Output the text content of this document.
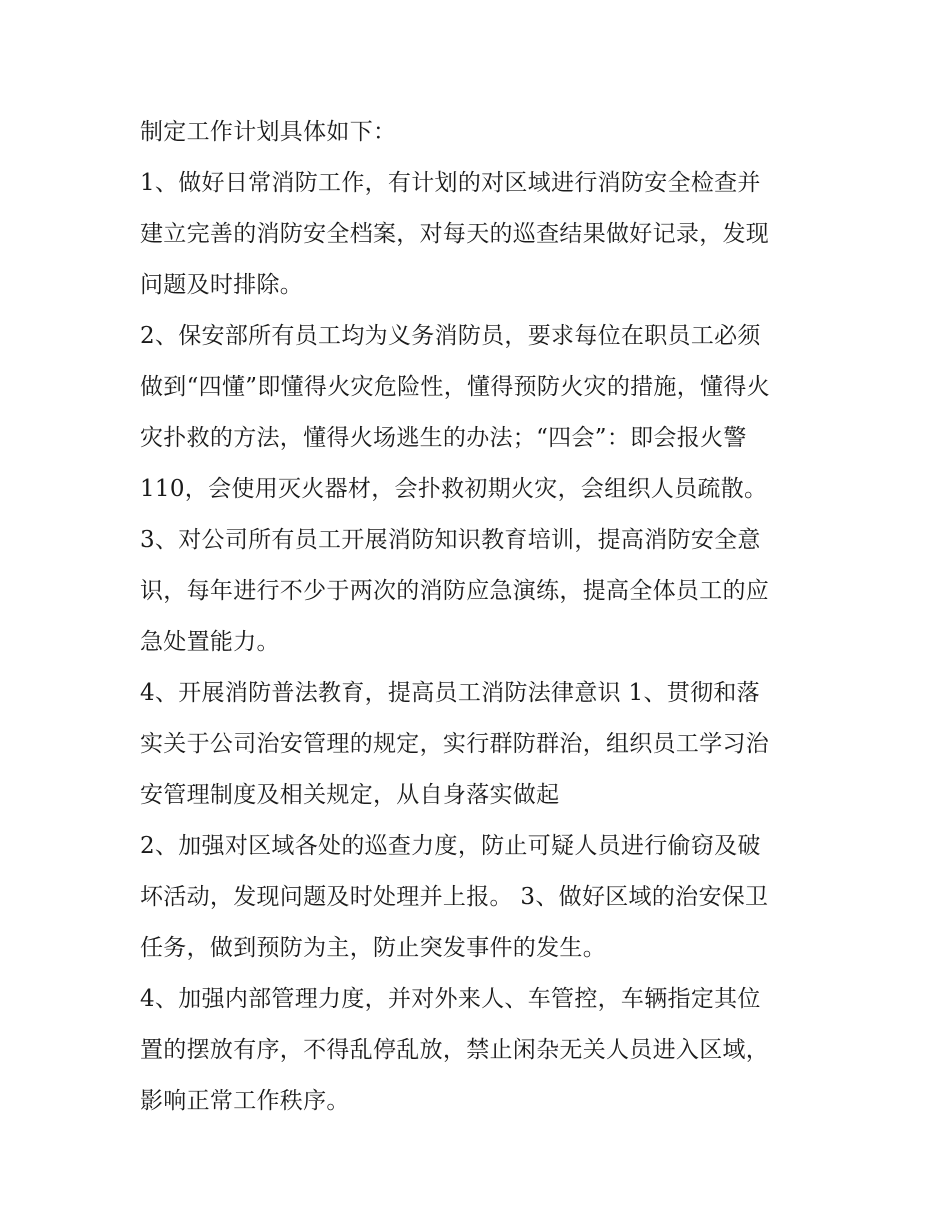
制定工作计划具体如下：

1、做好日常消防工作，有计划的对区域进行消防安全检查并
建立完善的消防安全档案，对每天的巡查结果做好记录，发现
问题及时排除。

2、保安部所有员工均为义务消防员，要求每位在职员工必须
做到“四懂”即懂得火灾危险性，懂得预防火灾的措施，懂得火
灾扑救的方法，懂得火场逃生的办法；“四会”：即会报火警
110，会使用灭火器材，会扑救初期火灾，会组织人员疏散。

3、对公司所有员工开展消防知识教育培训，提高消防安全意
识，每年进行不少于两次的消防应急演练，提高全体员工的应
急处置能力。

4、开展消防普法教育，提高员工消防法律意识 1、贯彻和落
实关于公司治安管理的规定，实行群防群治，组织员工学习治
安管理制度及相关规定，从自身落实做起

2、加强对区域各处的巡查力度，防止可疑人员进行偷窃及破
坏活动，发现问题及时处理并上报。 3、做好区域的治安保卫
任务，做到预防为主，防止突发事件的发生。

4、加强内部管理力度，并对外来人、车管控，车辆指定其位
置的摆放有序，不得乱停乱放，禁止闲杂无关人员进入区域，
影响正常工作秩序。
